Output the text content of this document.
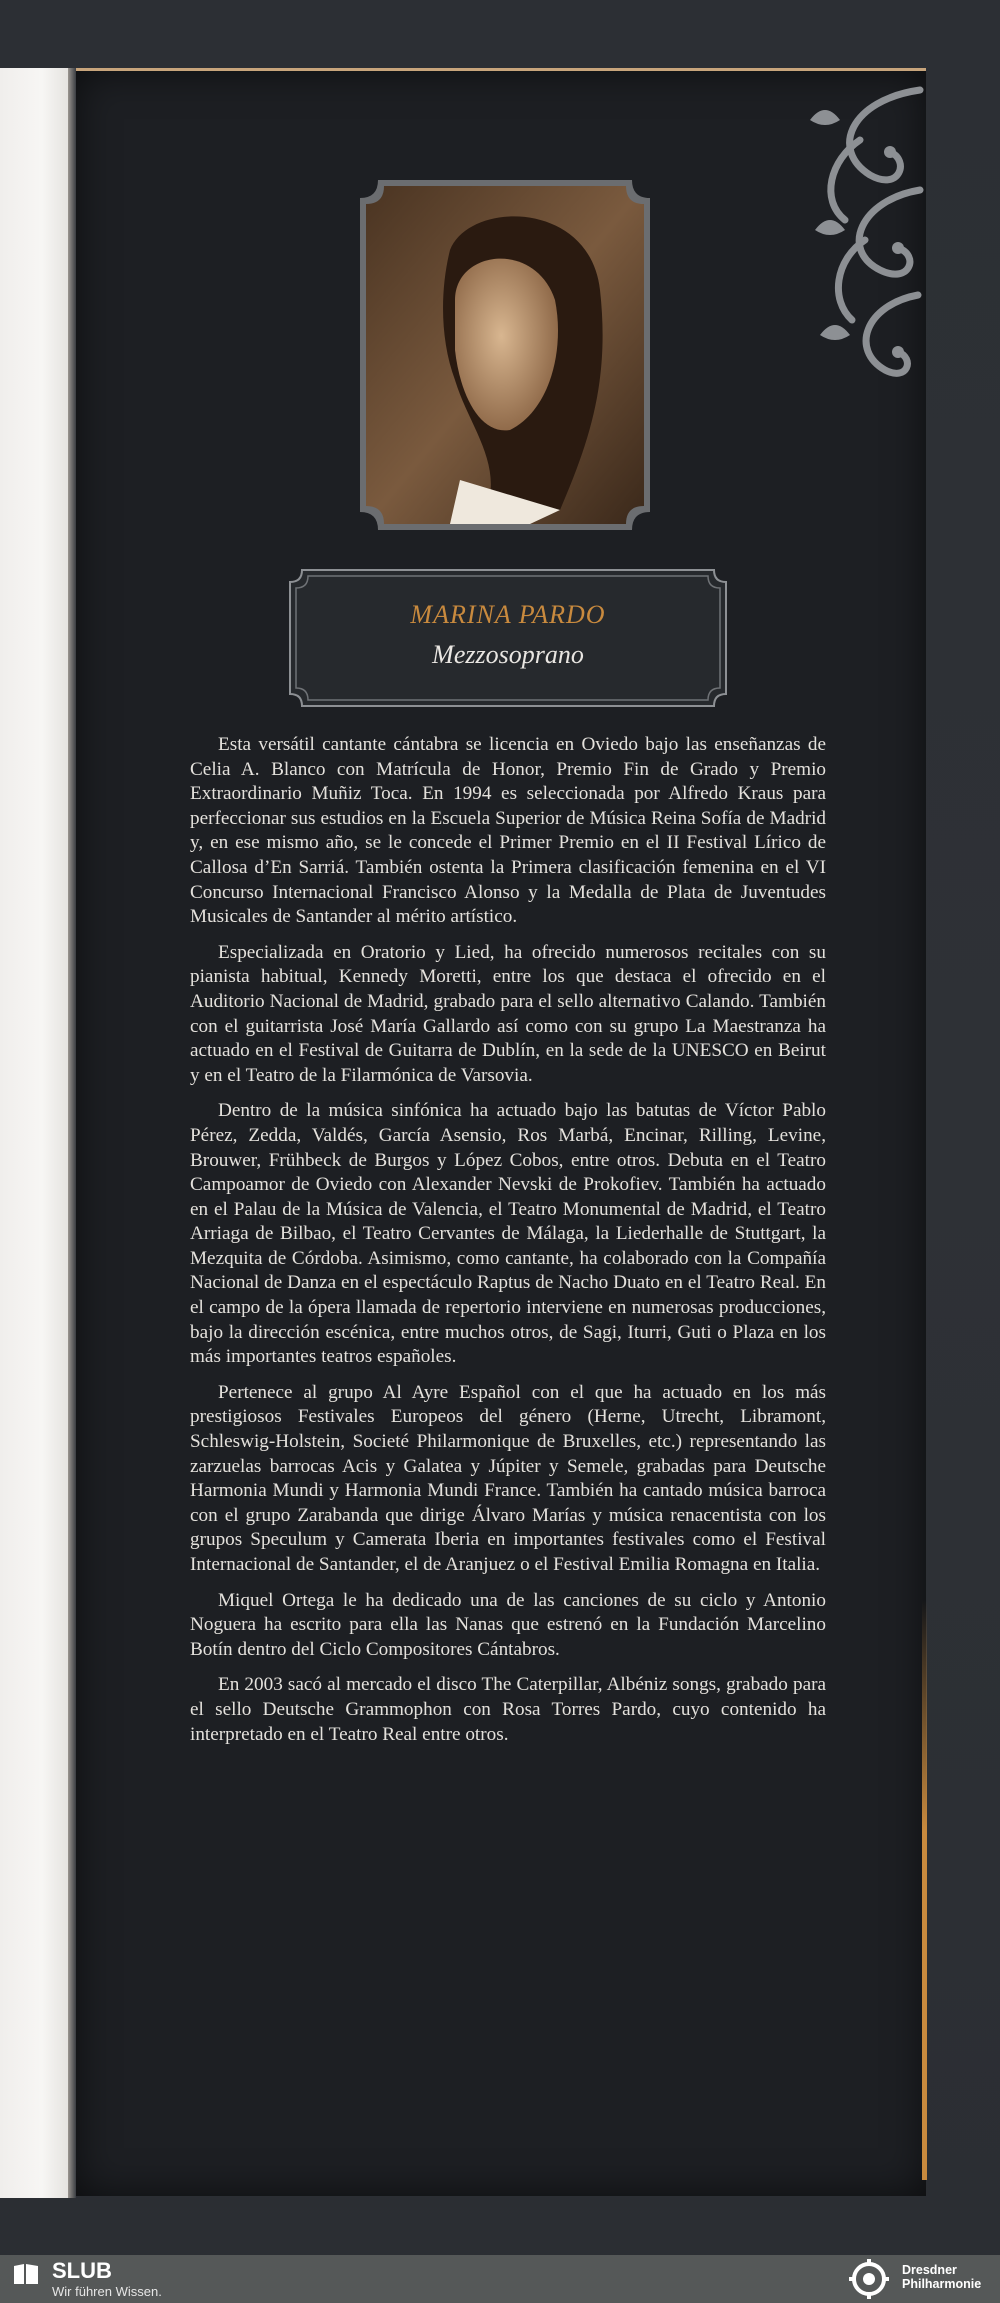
MARINA PARDO
Mezzosoprano

Esta versátil cantante cántabra se licencia en Oviedo bajo las enseñanzas de Celia A. Blanco con Matrícula de Honor, Premio Fin de Grado y Premio Extraordinario Muñiz Toca. En 1994 es seleccionada por Alfredo Kraus para perfeccionar sus estudios en la Escuela Superior de Música Reina Sofía de Madrid y, en ese mismo año, se le concede el Primer Premio en el II Festival Lírico de Callosa d’En Sarriá. También ostenta la Primera clasificación femenina en el VI Concurso Internacional Francisco Alonso y la Medalla de Plata de Juventudes Musicales de Santander al mérito artístico.

Especializada en Oratorio y Lied, ha ofrecido numerosos recitales con su pianista habitual, Kennedy Moretti, entre los que destaca el ofrecido en el Auditorio Nacional de Madrid, grabado para el sello alternativo Calando. También con el guitarrista José María Gallardo así como con su grupo La Maestranza ha actuado en el Festival de Guitarra de Dublín, en la sede de la UNESCO en Beirut y en el Teatro de la Filarmónica de Varsovia.

Dentro de la música sinfónica ha actuado bajo las batutas de Víctor Pablo Pérez, Zedda, Valdés, García Asensio, Ros Marbá, Encinar, Rilling, Levine, Brouwer, Frühbeck de Burgos y López Cobos, entre otros. Debuta en el Teatro Campoamor de Oviedo con Alexander Nevski de Prokofiev. También ha actuado en el Palau de la Música de Valencia, el Teatro Monumental de Madrid, el Teatro Arriaga de Bilbao, el Teatro Cervantes de Málaga, la Liederhalle de Stuttgart, la Mezquita de Córdoba. Asimismo, como cantante, ha colaborado con la Compañía Nacional de Danza en el espectáculo Raptus de Nacho Duato en el Teatro Real. En el campo de la ópera llamada de repertorio interviene en numerosas producciones, bajo la dirección escénica, entre muchos otros, de Sagi, Iturri, Guti o Plaza en los más importantes teatros españoles.

Pertenece al grupo Al Ayre Español con el que ha actuado en los más prestigiosos Festivales Europeos del género (Herne, Utrecht, Libramont, Schleswig-Holstein, Societé Philarmonique de Bruxelles, etc.) representando las zarzuelas barrocas Acis y Galatea y Júpiter y Semele, grabadas para Deutsche Harmonia Mundi y Harmonia Mundi France. También ha cantado música barroca con el grupo Zarabanda que dirige Álvaro Marías y música renacentista con los grupos Speculum y Camerata Iberia en importantes festivales como el Festival Internacional de Santander, el de Aranjuez o el Festival Emilia Romagna en Italia.

Miquel Ortega le ha dedicado una de las canciones de su ciclo y Antonio Noguera ha escrito para ella las Nanas que estrenó en la Fundación Marcelino Botín dentro del Ciclo Compositores Cántabros.

En 2003 sacó al mercado el disco The Caterpillar, Albéniz songs, grabado para el sello Deutsche Grammophon con Rosa Torres Pardo, cuyo contenido ha interpretado en el Teatro Real entre otros.

SLUB
Wir führen Wissen.
Dresdner
Philharmonie
